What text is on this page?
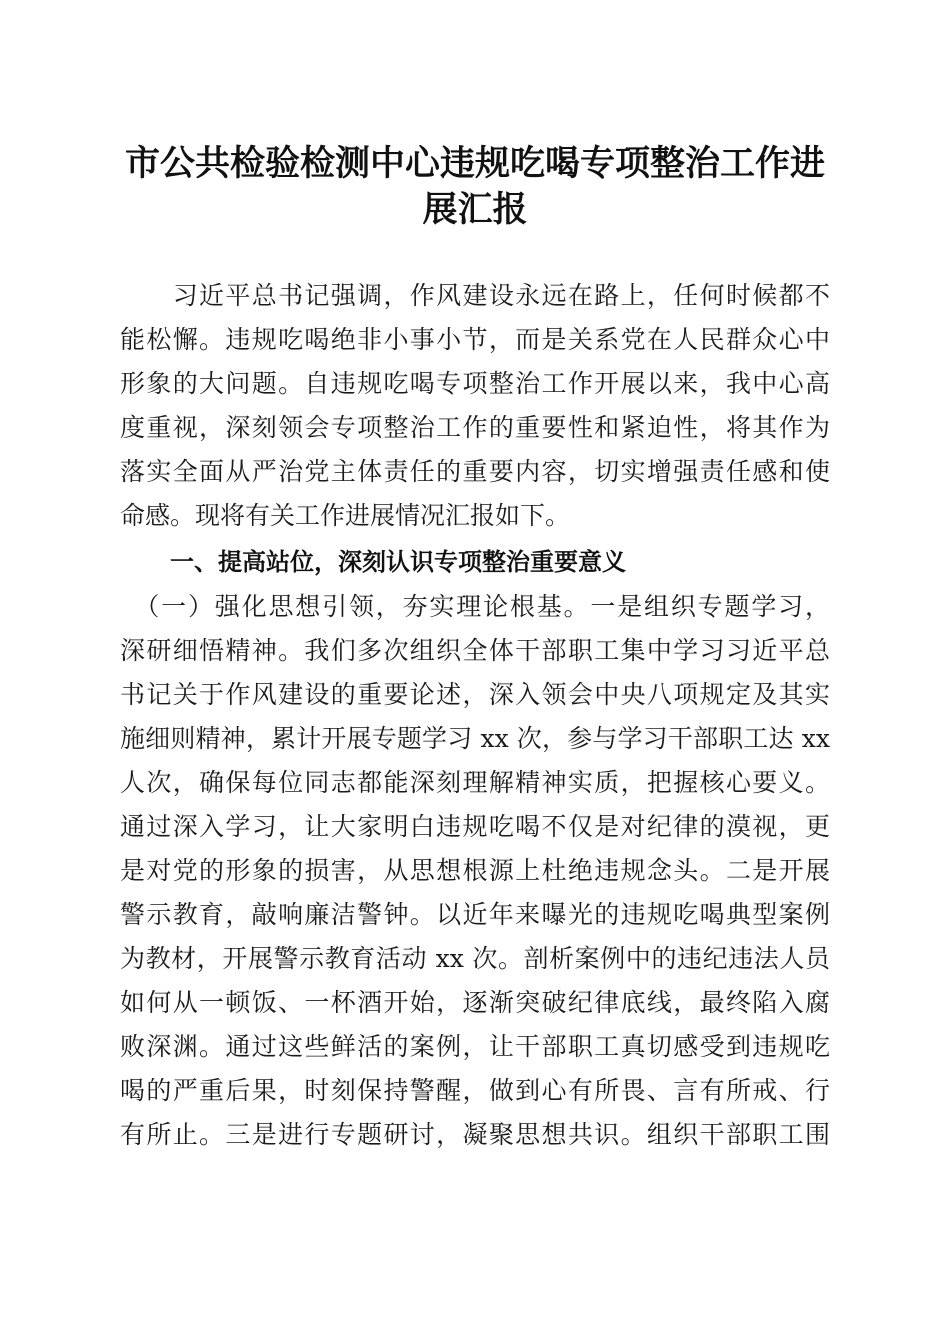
市公共检验检测中心违规吃喝专项整治工作进
展汇报
　　习近平总书记强调，作风建设永远在路上，任何时候都不
能松懈。违规吃喝绝非小事小节，而是关系党在人民群众心中
形象的大问题。自违规吃喝专项整治工作开展以来，我中心高
度重视，深刻领会专项整治工作的重要性和紧迫性，将其作为
落实全面从严治党主体责任的重要内容，切实增强责任感和使
命感。现将有关工作进展情况汇报如下。
一、提高站位，深刻认识专项整治重要意义
　（一）强化思想引领，夯实理论根基。一是组织专题学习，
深研细悟精神。我们多次组织全体干部职工集中学习习近平总
书记关于作风建设的重要论述，深入领会中央八项规定及其实
施细则精神，累计开展专题学习 xx 次，参与学习干部职工达 xx
人次，确保每位同志都能深刻理解精神实质，把握核心要义。
通过深入学习，让大家明白违规吃喝不仅是对纪律的漠视，更
是对党的形象的损害，从思想根源上杜绝违规念头。二是开展
警示教育，敲响廉洁警钟。以近年来曝光的违规吃喝典型案例
为教材，开展警示教育活动 xx 次。剖析案例中的违纪违法人员
如何从一顿饭、一杯酒开始，逐渐突破纪律底线，最终陷入腐
败深渊。通过这些鲜活的案例，让干部职工真切感受到违规吃
喝的严重后果，时刻保持警醒，做到心有所畏、言有所戒、行
有所止。三是进行专题研讨，凝聚思想共识。组织干部职工围
